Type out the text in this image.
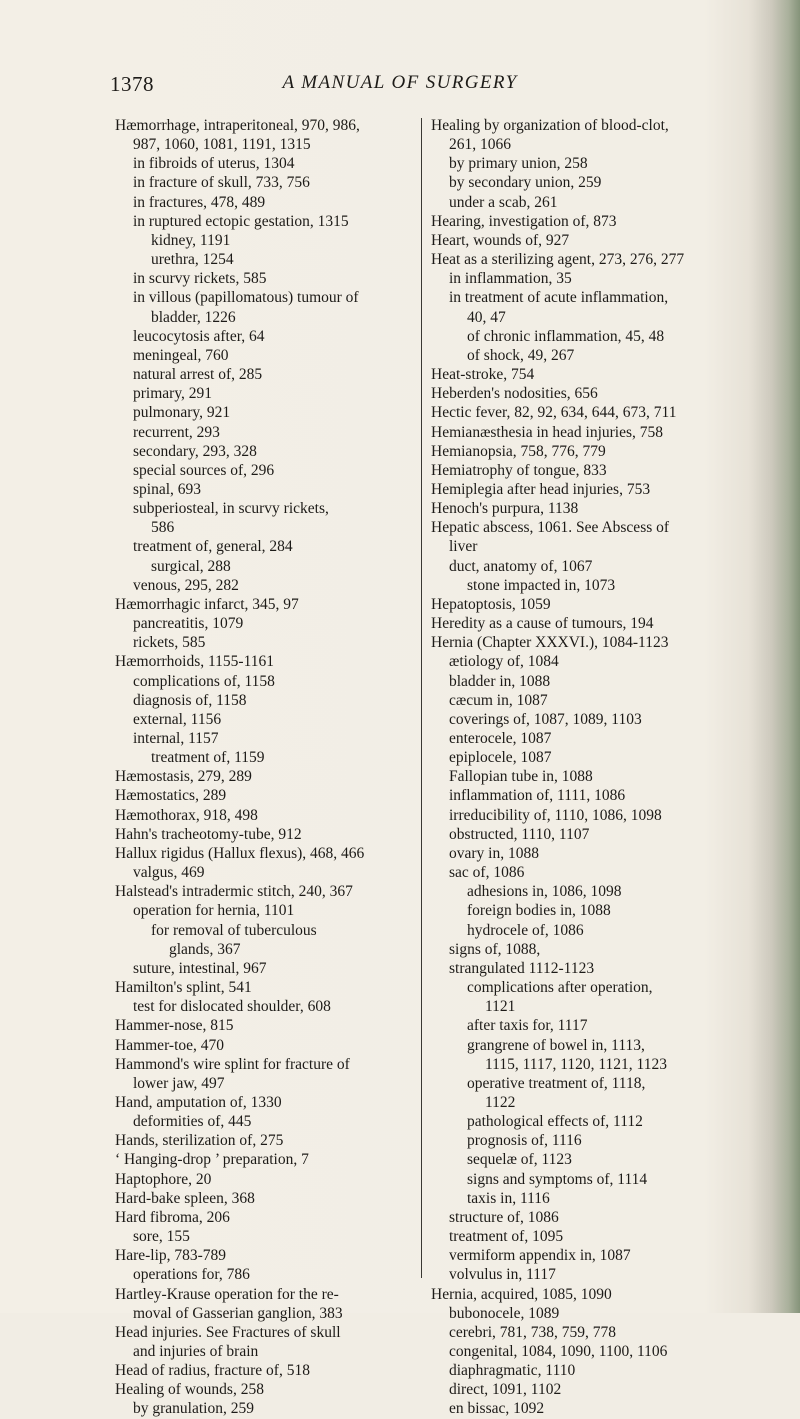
1378	A MANUAL OF SURGERY
Hæmorrhage, intraperitoneal, 970, 986,
987, 1060, 1081, 1191, 1315
in fibroids of uterus, 1304
in fracture of skull, 733, 756
in fractures, 478, 489
in ruptured ectopic gestation, 1315
kidney, 1191
urethra, 1254
in scurvy rickets, 585
in villous (papillomatous) tumour of
bladder, 1226
leucocytosis after, 64
meningeal, 760
natural arrest of, 285
primary, 291
pulmonary, 921
recurrent, 293
secondary, 293, 328
special sources of, 296
spinal, 693
subperiosteal, in scurvy rickets,
586
treatment of, general, 284
surgical, 288
venous, 295, 282
Hæmorrhagic infarct, 345, 97
pancreatitis, 1079
rickets, 585
Hæmorrhoids, 1155-1161
complications of, 1158
diagnosis of, 1158
external, 1156
internal, 1157
treatment of, 1159
Hæmostasis, 279, 289
Hæmostatics, 289
Hæmothorax, 918, 498
Hahn's tracheotomy-tube, 912
Hallux rigidus (Hallux flexus), 468, 466
valgus, 469
Halstead's intradermic stitch, 240, 367
operation for hernia, 1101
for removal of tuberculous
glands, 367
suture, intestinal, 967
Hamilton's splint, 541
test for dislocated shoulder, 608
Hammer-nose, 815
Hammer-toe, 470
Hammond's wire splint for fracture of
lower jaw, 497
Hand, amputation of, 1330
deformities of, 445
Hands, sterilization of, 275
‘ Hanging-drop ’ preparation, 7
Haptophore, 20
Hard-bake spleen, 368
Hard fibroma, 206
sore, 155
Hare-lip, 783-789
operations for, 786
Hartley-Krause operation for the re-
moval of Gasserian ganglion, 383
Head injuries. See Fractures of skull
and injuries of brain
Head of radius, fracture of, 518
Healing of wounds, 258
by granulation, 259
Healing by organization of blood-clot,
261, 1066
by primary union, 258
by secondary union, 259
under a scab, 261
Hearing, investigation of, 873
Heart, wounds of, 927
Heat as a sterilizing agent, 273, 276, 277
in inflammation, 35
in treatment of acute inflammation,
40, 47
of chronic inflammation, 45, 48
of shock, 49, 267
Heat-stroke, 754
Heberden's nodosities, 656
Hectic fever, 82, 92, 634, 644, 673, 711
Hemianæsthesia in head injuries, 758
Hemianopsia, 758, 776, 779
Hemiatrophy of tongue, 833
Hemiplegia after head injuries, 753
Henoch's purpura, 1138
Hepatic abscess, 1061. See Abscess of
liver
duct, anatomy of, 1067
stone impacted in, 1073
Hepatoptosis, 1059
Heredity as a cause of tumours, 194
Hernia (Chapter XXXVI.), 1084-1123
ætiology of, 1084
bladder in, 1088
cæcum in, 1087
coverings of, 1087, 1089, 1103
enterocele, 1087
epiplocele, 1087
Fallopian tube in, 1088
inflammation of, 1111, 1086
irreducibility of, 1110, 1086, 1098
obstructed, 1110, 1107
ovary in, 1088
sac of, 1086
adhesions in, 1086, 1098
foreign bodies in, 1088
hydrocele of, 1086
signs of, 1088,
strangulated 1112-1123
complications after operation,
1121
after taxis for, 1117
grangrene of bowel in, 1113,
1115, 1117, 1120, 1121, 1123
operative treatment of, 1118,
1122
pathological effects of, 1112
prognosis of, 1116
sequelæ of, 1123
signs and symptoms of, 1114
taxis in, 1116
structure of, 1086
treatment of, 1095
vermiform appendix in, 1087
volvulus in, 1117
Hernia, acquired, 1085, 1090
bubonocele, 1089
cerebri, 781, 738, 759, 778
congenital, 1084, 1090, 1100, 1106
diaphragmatic, 1110
direct, 1091, 1102
en bissac, 1092
